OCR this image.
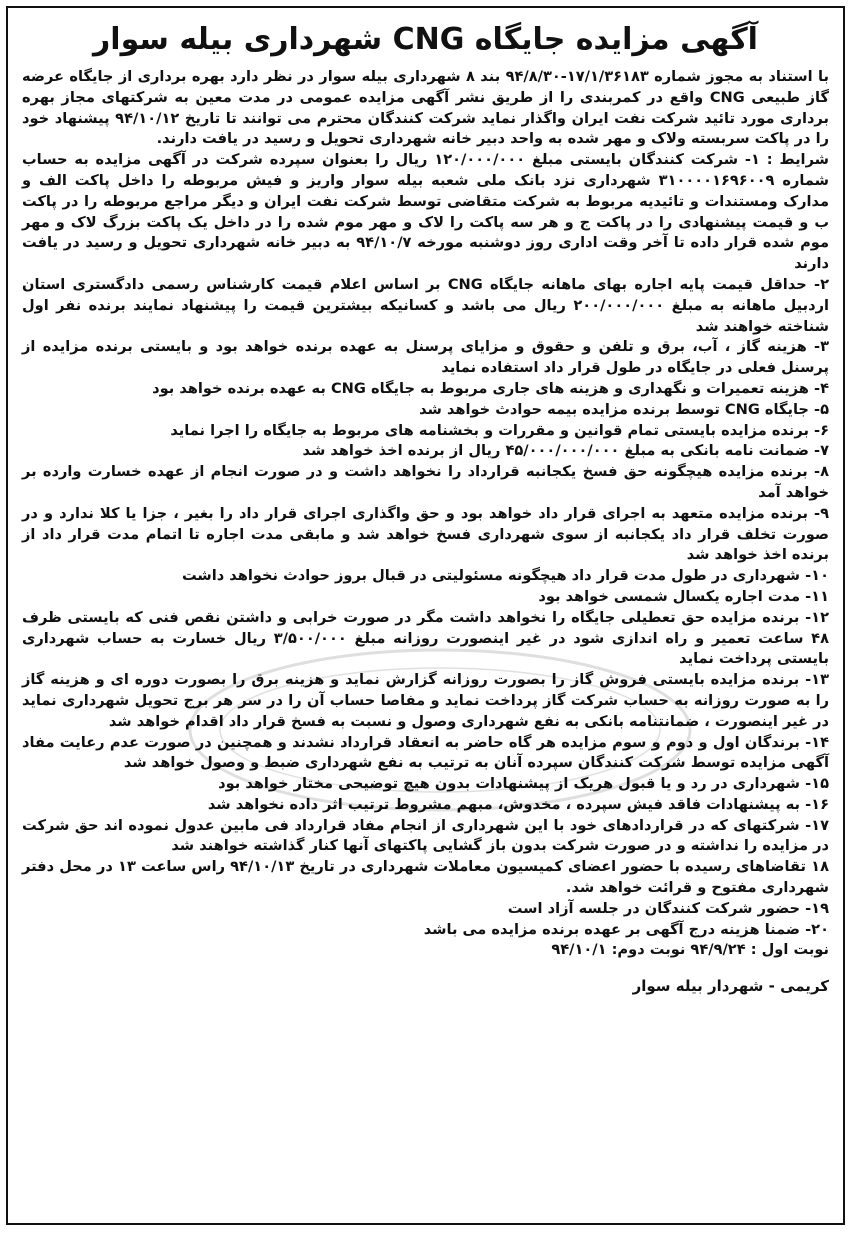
آگهی مزایده جایگاه CNG شهرداری بیله سوار

با استناد به مجوز شماره ۱۷/۱/۳۶۱۸۳-۹۴/۸/۳۰ بند ۸ شهرداری بیله سوار در نظر دارد بهره برداری از جایگاه عرضه گاز طبیعی CNG واقع در کمربندی را از طریق نشر آگهی مزایده عمومی در مدت معین به شرکتهای مجاز بهره برداری مورد تائید شرکت نفت ایران واگذار نماید شرکت کنندگان محترم می توانند تا تاریخ ۹۴/۱۰/۱۲ پیشنهاد خود را در پاکت سربسته ولاک و مهر شده به واحد دبیر خانه شهرداری تحویل و رسید در یافت دارند.

شرایط : ۱- شرکت کنندگان بایستی مبلغ ۱۲۰/۰۰۰/۰۰۰ ریال را بعنوان سپرده شرکت در آگهی مزایده به حساب شماره ۳۱۰۰۰۰۱۶۹۶۰۰۹ شهرداری نزد بانک ملی شعبه بیله سوار واریز و فیش مربوطه را داخل پاکت الف و مدارک ومستندات و تائیدیه مربوط به شرکت متقاضی توسط شرکت نفت ایران و دیگر مراجع مربوطه را در پاکت ب و قیمت پیشنهادی را در پاکت ج و هر سه پاکت را لاک و مهر موم شده را در داخل یک پاکت بزرگ لاک و مهر موم شده قرار داده تا آخر وقت اداری روز دوشنبه مورخه ۹۴/۱۰/۷ به دبیر خانه شهرداری تحویل و رسید در یافت دارند

۲- حداقل قیمت پایه اجاره بهای ماهانه جایگاه CNG بر اساس اعلام قیمت کارشناس رسمی دادگستری استان اردبیل ماهانه به مبلغ ۲۰۰/۰۰۰/۰۰۰ ریال می باشد و کسانیکه بیشترین قیمت را پیشنهاد نمایند برنده نفر اول شناخته خواهند شد

۳- هزینه گاز ، آب، برق و تلفن و حقوق و مزایای پرسنل به عهده برنده خواهد بود و بایستی برنده مزایده از پرسنل فعلی در جایگاه در طول قرار داد استفاده نماید

۴- هزینه تعمیرات و نگهداری و هزینه های جاری مربوط به جایگاه CNG به عهده برنده خواهد بود

۵- جایگاه CNG توسط برنده مزایده بیمه حوادث خواهد شد

۶- برنده مزایده بایستی تمام قوانین و مقررات و بخشنامه های مربوط به جایگاه را اجرا نماید

۷- ضمانت نامه بانکی به مبلغ ۴۵/۰۰۰/۰۰۰/۰۰۰ ریال از برنده اخذ خواهد شد

۸- برنده مزایده هیچگونه حق فسخ یکجانبه قرارداد را نخواهد داشت و در صورت انجام از عهده خسارت وارده بر خواهد آمد

۹- برنده مزایده متعهد به اجرای قرار داد خواهد بود و حق واگذاری اجرای قرار داد را بغیر ، جزا یا کلا ندارد و در صورت تخلف قرار داد یکجانبه از سوی شهرداری فسخ خواهد شد و مابقی مدت اجاره تا اتمام مدت قرار داد از برنده اخذ خواهد شد

۱۰- شهرداری در طول مدت قرار داد هیچگونه مسئولیتی در قبال بروز حوادث نخواهد داشت

۱۱- مدت اجاره یکسال شمسی خواهد بود

۱۲- برنده مزایده حق تعطیلی جایگاه را نخواهد داشت مگر در صورت خرابی و داشتن نقص فنی که بایستی ظرف ۴۸ ساعت تعمیر و راه اندازی شود در غیر اینصورت روزانه مبلغ ۳/۵۰۰/۰۰۰ ریال خسارت به حساب شهرداری بایستی پرداخت نماید

۱۳- برنده مزایده بایستی فروش گاز را بصورت روزانه گزارش نماید و هزینه برق را بصورت دوره ای و هزینه گاز را به صورت روزانه به حساب شرکت گاز پرداخت نماید و مفاصا حساب آن را در سر هر برج تحویل شهرداری نماید در غیر اینصورت ، ضمانتنامه بانکی به نفع شهرداری وصول و نسبت به فسخ قرار داد اقدام خواهد شد

۱۴- برندگان اول و دوم و سوم مزایده هر گاه حاضر به انعقاد قرارداد نشدند و همچنین در صورت عدم رعایت مفاد آگهی مزایده توسط شرکت کنندگان سپرده آنان به ترتیب به نفع شهرداری ضبط و وصول خواهد شد

۱۵- شهرداری در رد و یا قبول هریک از پیشنهادات بدون هیچ توضیحی مختار خواهد بود

۱۶- به پیشنهادات فاقد فیش سپرده ، مخدوش، مبهم مشروط ترتیب اثر داده نخواهد شد

۱۷- شرکتهای که در قراردادهای خود با این شهرداری از انجام مفاد قرارداد فی مابین عدول نموده اند حق شرکت در مزایده را نداشته و در صورت شرکت بدون باز گشایی پاکتهای آنها کنار گذاشته خواهند شد

۱۸ تقاضاهای رسیده با حضور اعضای کمیسیون معاملات شهرداری در تاریخ ۹۴/۱۰/۱۳ راس ساعت ۱۳ در محل دفتر شهرداری مفتوح و قرائت خواهد شد.

۱۹- حضور شرکت کنندگان در جلسه آزاد است

۲۰- ضمنا هزینه درج آگهی بر عهده برنده مزایده می باشد

نوبت اول : ۹۴/۹/۲۴ نوبت دوم: ۹۴/۱۰/۱

کریمی - شهردار بیله سوار
